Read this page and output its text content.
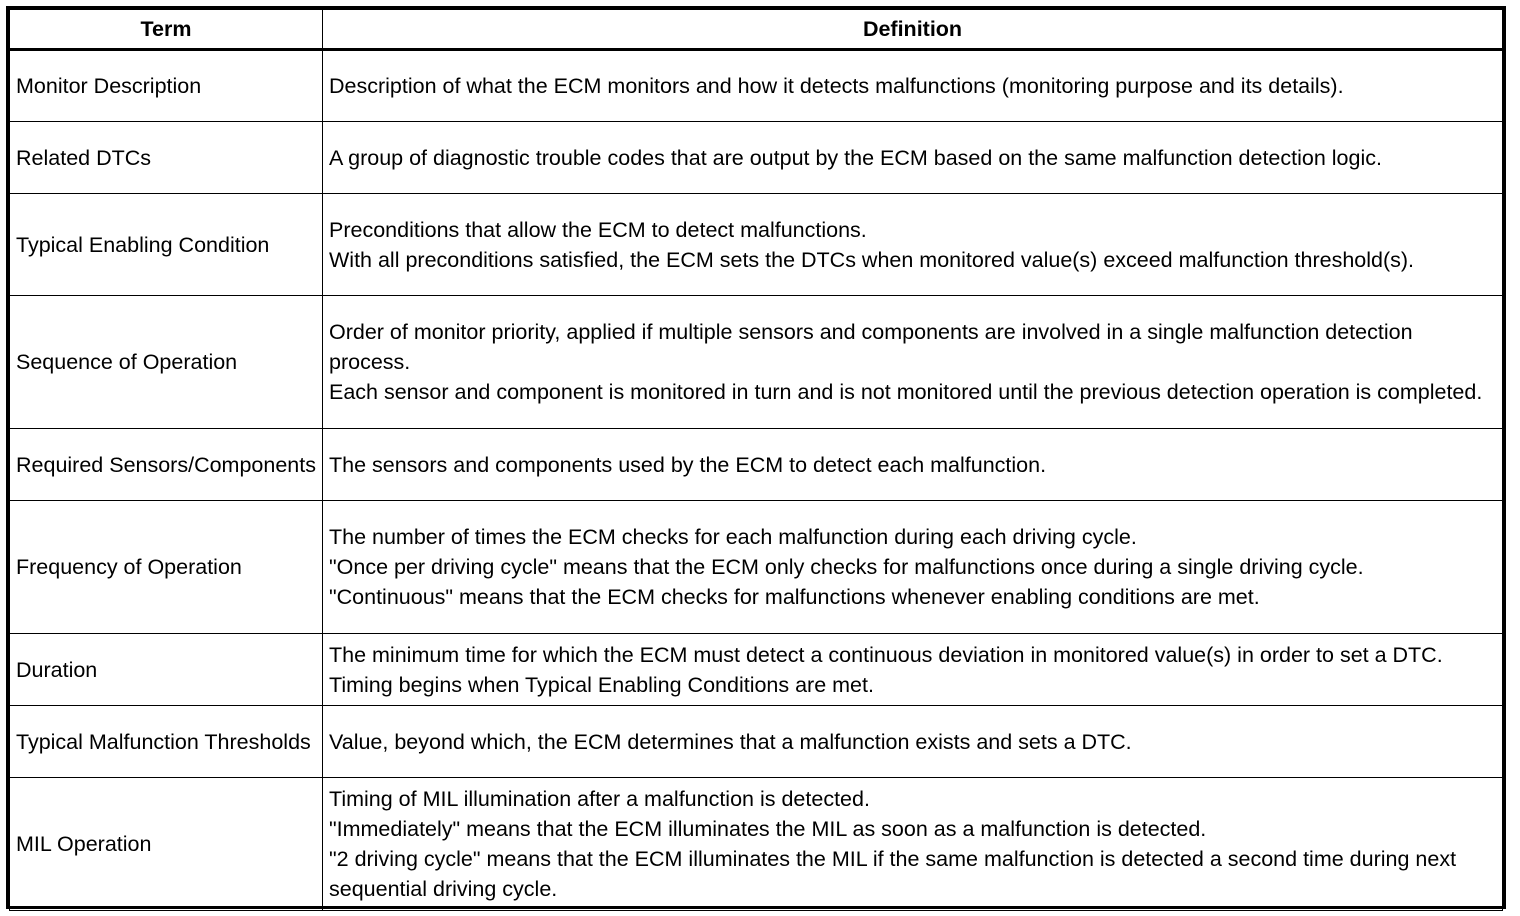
Term	Definition
Monitor Description	Description of what the ECM monitors and how it detects malfunctions (monitoring purpose and its details).

Related DTCs	A group of diagnostic trouble codes that are output by the ECM based on the same malfunction detection logic.

Typical Enabling Condition	Preconditions that allow the ECM to detect malfunctions.
With all preconditions satisfied, the ECM sets the DTCs when monitored value(s) exceed malfunction threshold(s).

Sequence of Operation	Order of monitor priority, applied if multiple sensors and components are involved in a single malfunction detection process.
Each sensor and component is monitored in turn and is not monitored until the previous detection operation is completed.

Required Sensors/Components	The sensors and components used by the ECM to detect each malfunction.

Frequency of Operation	The number of times the ECM checks for each malfunction during each driving cycle.
"Once per driving cycle" means that the ECM only checks for malfunctions once during a single driving cycle.
"Continuous" means that the ECM checks for malfunctions whenever enabling conditions are met.

Duration	The minimum time for which the ECM must detect a continuous deviation in monitored value(s) in order to set a DTC. Timing begins when Typical Enabling Conditions are met.

Typical Malfunction Thresholds	Value, beyond which, the ECM determines that a malfunction exists and sets a DTC.

MIL Operation	Timing of MIL illumination after a malfunction is detected.
"Immediately" means that the ECM illuminates the MIL as soon as a malfunction is detected.
"2 driving cycle" means that the ECM illuminates the MIL if the same malfunction is detected a second time during next sequential driving cycle.
